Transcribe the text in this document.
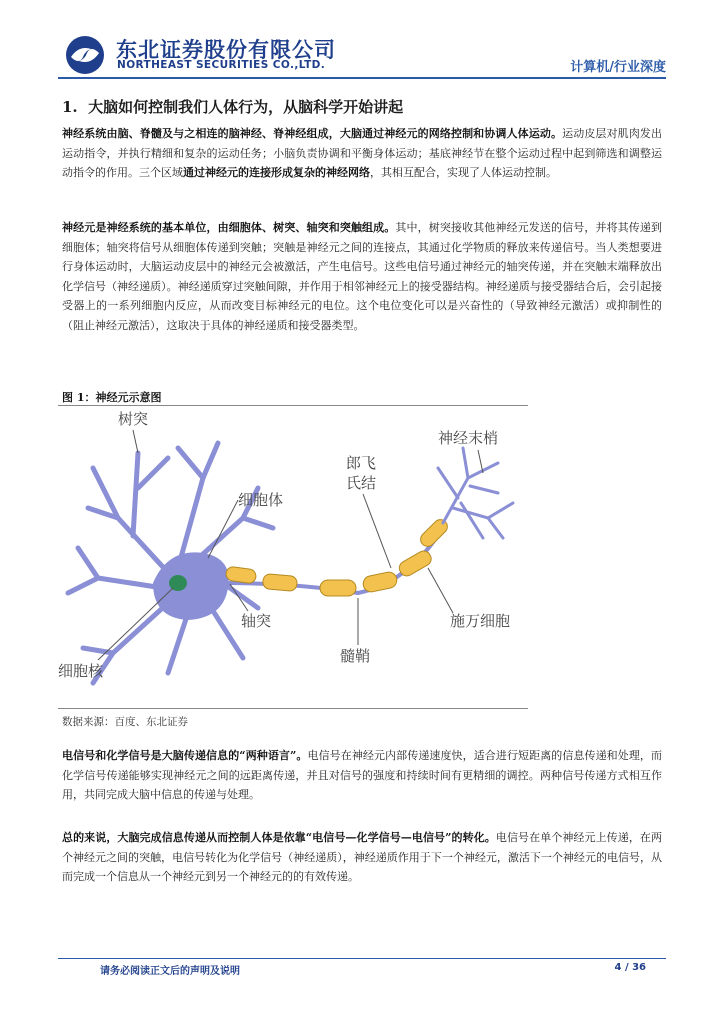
东北证券股份有限公司
NORTHEAST SECURITIES CO.,LTD.	计算机/行业深度
1. 大脑如何控制我们人体行为，从脑科学开始讲起
神经系统由脑、脊髓及与之相连的脑神经、脊神经组成，大脑通过神经元的网络控制和协调人体运动。运动皮层对肌肉发出运动指令，并执行精细和复杂的运动任务；小脑负责协调和平衡身体运动；基底神经节在整个运动过程中起到筛选和调整运动指令的作用。三个区域通过神经元的连接形成复杂的神经网络，其相互配合，实现了人体运动控制。
神经元是神经系统的基本单位，由细胞体、树突、轴突和突触组成。其中，树突接收其他神经元发送的信号，并将其传递到细胞体；轴突将信号从细胞体传递到突触；突触是神经元之间的连接点，其通过化学物质的释放来传递信号。当人类想要进行身体运动时，大脑运动皮层中的神经元会被激活，产生电信号。这些电信号通过神经元的轴突传递，并在突触末端释放出化学信号（神经递质）。神经递质穿过突触间隙，并作用于相邻神经元上的接受器结构。神经递质与接受器结合后，会引起接受器上的一系列细胞内反应，从而改变目标神经元的电位。这个电位变化可以是兴奋性的（导致神经元激活）或抑制性的（阻止神经元激活），这取决于具体的神经递质和接受器类型。
图 1：神经元示意图
树突
细胞体
细胞核
轴突
髓鞘
郎飞
氏结
施万细胞
神经末梢
数据来源：百度、东北证券
电信号和化学信号是大脑传递信息的“两种语言”。电信号在神经元内部传递速度快，适合进行短距离的信息传递和处理，而化学信号传递能够实现神经元之间的远距离传递，并且对信号的强度和持续时间有更精细的调控。两种信号传递方式相互作用，共同完成大脑中信息的传递与处理。
总的来说，大脑完成信息传递从而控制人体是依靠“电信号—化学信号—电信号”的转化。电信号在单个神经元上传递，在两个神经元之间的突触，电信号转化为化学信号（神经递质），神经递质作用于下一个神经元，激活下一个神经元的电信号，从而完成一个信息从一个神经元到另一个神经元的的有效传递。
请务必阅读正文后的声明及说明	4 / 36
